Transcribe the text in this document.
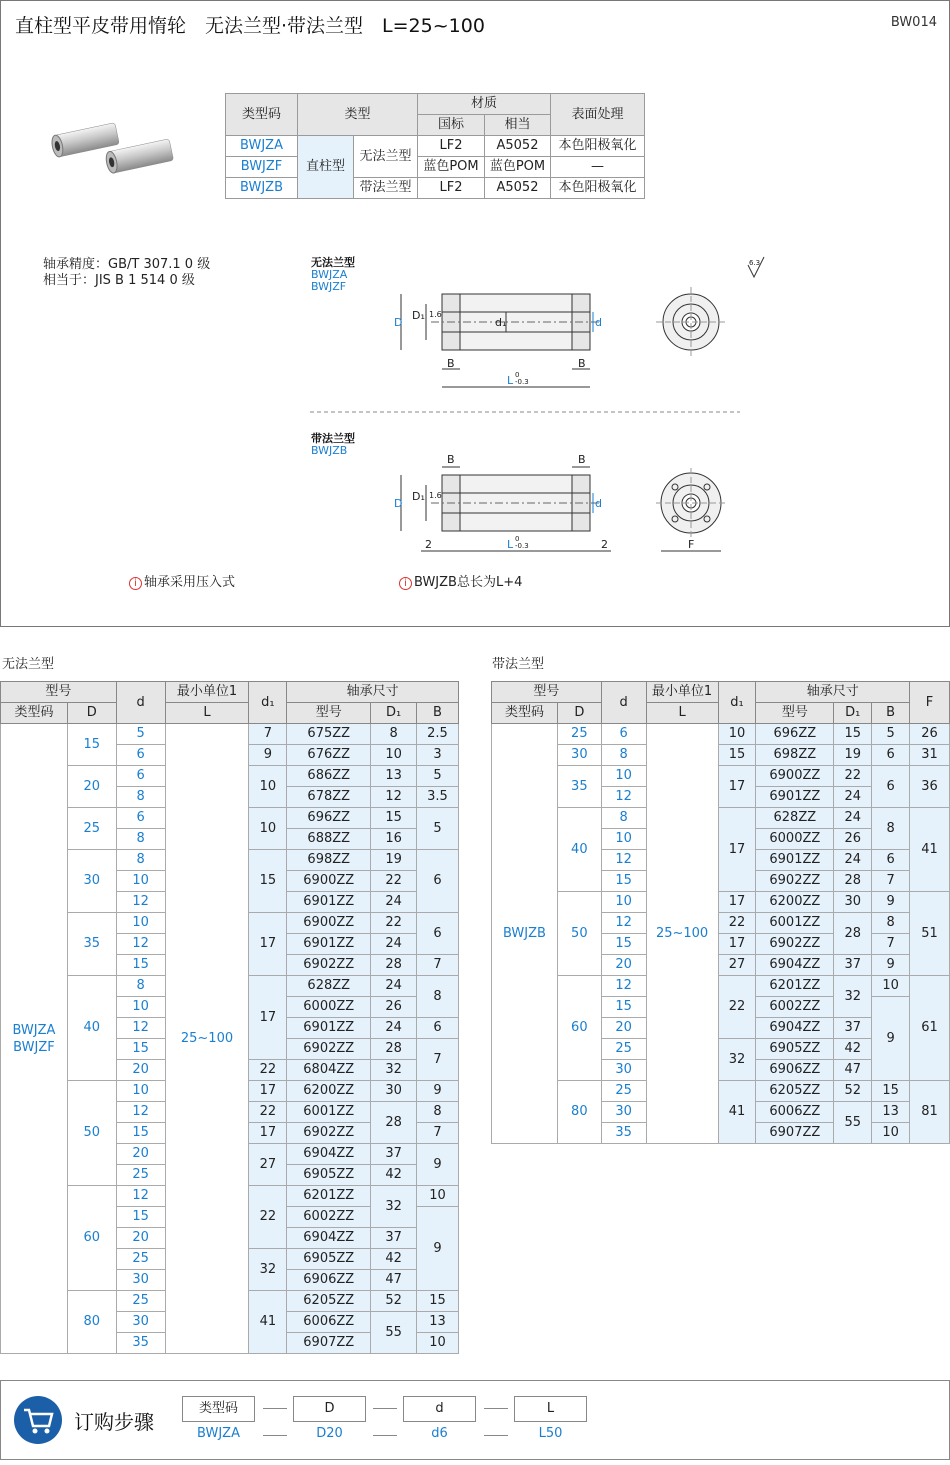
直柱型平皮带用惰轮　无法兰型·带法兰型　L=25~100	BW014
类型码	类型		材质		表面处理
			国标	相当	
BWJZA	直柱型	无法兰型	LF2	A5052	本色阳极氧化
BWJZF			蓝色POM	蓝色POM	—
BWJZB		带法兰型	LF2	A5052	本色阳极氧化
轴承精度：GB/T 307.1 0 级
相当于：JIS B 1 514 0 级
无法兰型
BWJZA
BWJZF
带法兰型
BWJZB
D
D₁ 1.6
d₁	d
B	B
L 0
-0.3
6.3
D
D₁ 1.6
d
B	B
L 0
-0.3
2	2	F
i 轴承采用压入式	i BWJZB总长为L+4
无法兰型	带法兰型
型号		d	最小单位1	d₁	轴承尺寸		
类型码	D		L		型号	D₁	B
BWJZA
BWJZF	15	5	25~100	7	675ZZ	8	2.5
		6		9	676ZZ	10	3
	20	6		10	686ZZ	13	5
		8			678ZZ	12	3.5
	25	6		10	696ZZ	15	5
		8			688ZZ	16	
	30	8		15	698ZZ	19	6
		10			6900ZZ	22	
		12			6901ZZ	24	
	35	10		17	6900ZZ	22	6
		12			6901ZZ	24	
		15			6902ZZ	28	7
	40	8		17	628ZZ	24	8
		10			6000ZZ	26	
		12			6901ZZ	24	6
		15			6902ZZ	28	7
		20		22	6804ZZ	32	
	50	10		17	6200ZZ	30	9
		12		22	6001ZZ	28	8
		15		17	6902ZZ		7
		20		27	6904ZZ	37	9
		25			6905ZZ	42	
	60	12		22	6201ZZ	32	10
		15			6002ZZ		9
		20			6904ZZ	37	
		25		32	6905ZZ	42	
		30			6906ZZ	47	
	80	25		41	6205ZZ	52	15
		30			6006ZZ	55	13
		35			6907ZZ		10
型号		d	最小单位1	d₁	轴承尺寸			F
类型码	D		L		型号	D₁	B	
BWJZB	25	6	25~100	10	696ZZ	15	5	26
	30	8		15	698ZZ	19	6	31
	35	10		17	6900ZZ	22	6	36
		12			6901ZZ	24		
	40	8		17	628ZZ	24	8	41
		10			6000ZZ	26		
		12			6901ZZ	24	6	
		15			6902ZZ	28	7	
	50	10		17	6200ZZ	30	9	51
		12		22	6001ZZ	28	8	
		15		17	6902ZZ		7	
		20		27	6904ZZ	37	9	
	60	12		22	6201ZZ	32	10	61
		15			6002ZZ		9	
		20			6904ZZ	37		
		25		32	6905ZZ	42		
		30			6906ZZ	47		
	80	25		41	6205ZZ	52	15	81
		30			6006ZZ	55	13	
		35			6907ZZ		10	
订购步骤
类型码	D	d	L
BWJZA	D20	d6	L50
